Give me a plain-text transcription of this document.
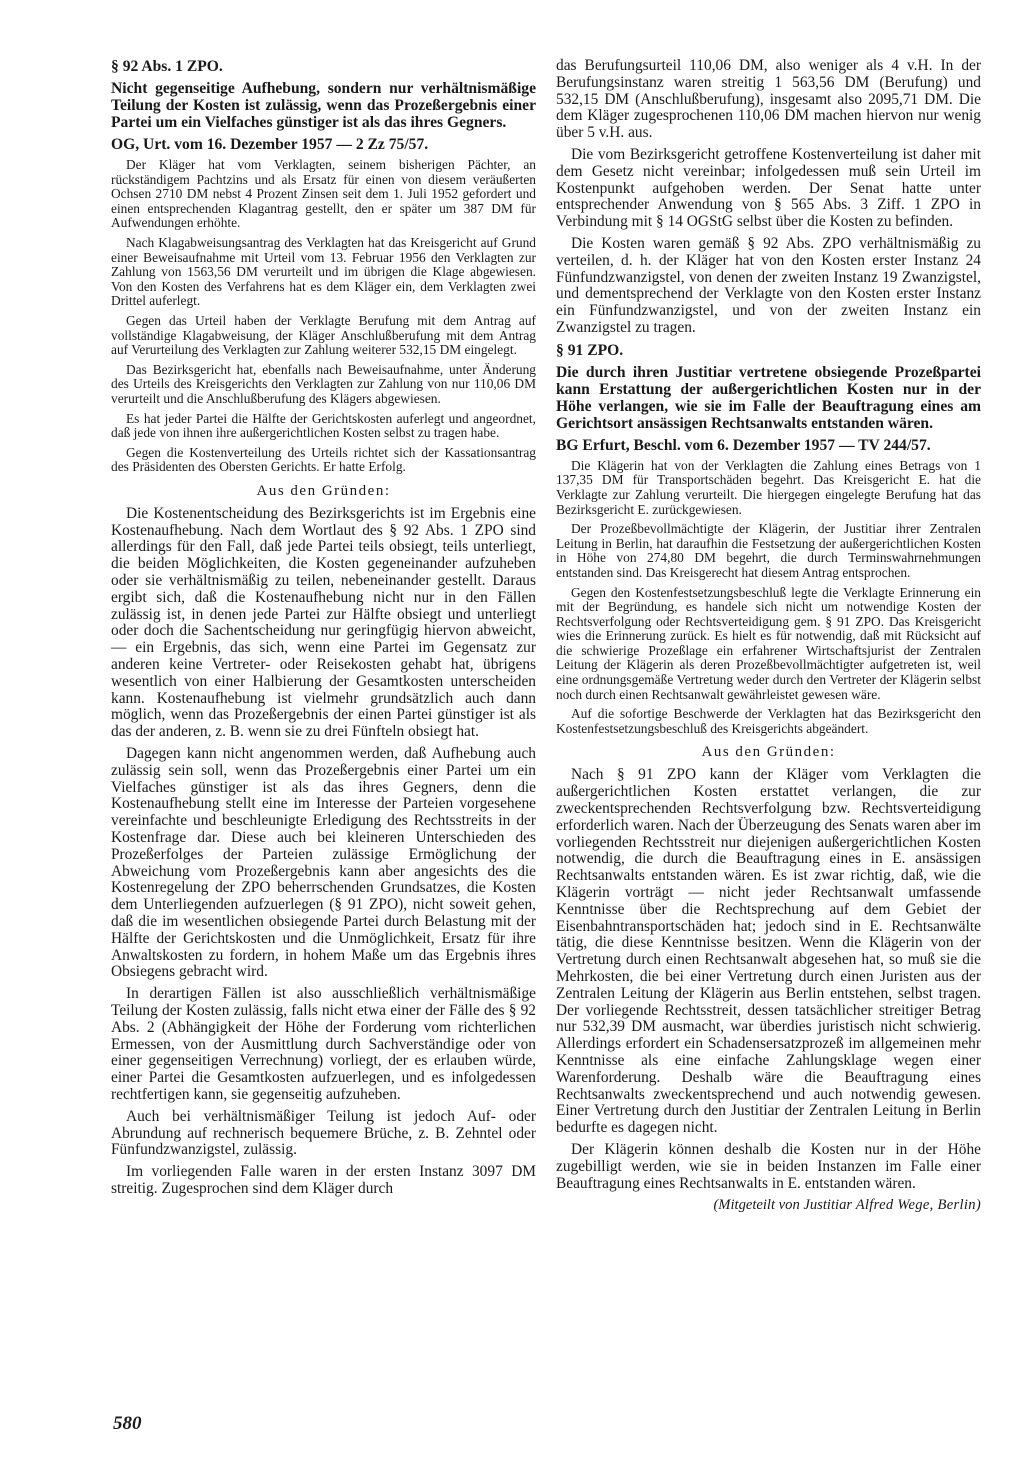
§ 92 Abs. 1 ZPO.

Nicht gegenseitige Aufhebung, sondern nur verhältnismäßige Teilung der Kosten ist zulässig, wenn das Prozeßergebnis einer Partei um ein Vielfaches günstiger ist als das ihres Gegners.

OG, Urt. vom 16. Dezember 1957 — 2 Zz 75/57.

Der Kläger hat vom Verklagten, seinem bisherigen Pächter, an rückständigem Pachtzins und als Ersatz für einen von diesem veräußerten Ochsen 2710 DM nebst 4 Prozent Zinsen seit dem 1. Juli 1952 gefordert und einen entsprechenden Klagantrag gestellt, den er später um 387 DM für Aufwendungen erhöhte.

Nach Klagabweisungsantrag des Verklagten hat das Kreisgericht auf Grund einer Beweisaufnahme mit Urteil vom 13. Februar 1956 den Verklagten zur Zahlung von 1563,56 DM verurteilt und im übrigen die Klage abgewiesen. Von den Kosten des Verfahrens hat es dem Kläger ein, dem Verklagten zwei Drittel auferlegt.

Gegen das Urteil haben der Verklagte Berufung mit dem Antrag auf vollständige Klagabweisung, der Kläger Anschlußberufung mit dem Antrag auf Verurteilung des Verklagten zur Zahlung weiterer 532,15 DM eingelegt.

Das Bezirksgericht hat, ebenfalls nach Beweisaufnahme, unter Änderung des Urteils des Kreisgerichts den Verklagten zur Zahlung von nur 110,06 DM verurteilt und die Anschlußberufung des Klägers abgewiesen.

Es hat jeder Partei die Hälfte der Gerichtskosten auferlegt und angeordnet, daß jede von ihnen ihre außergerichtlichen Kosten selbst zu tragen habe.

Gegen die Kostenverteilung des Urteils richtet sich der Kassationsantrag des Präsidenten des Obersten Gerichts. Er hatte Erfolg.

Aus den Gründen:

Die Kostenentscheidung des Bezirksgerichts ist im Ergebnis eine Kostenaufhebung. Nach dem Wortlaut des § 92 Abs. 1 ZPO sind allerdings für den Fall, daß jede Partei teils obsiegt, teils unterliegt, die beiden Möglichkeiten, die Kosten gegeneinander aufzuheben oder sie verhältnismäßig zu teilen, nebeneinander gestellt. Daraus ergibt sich, daß die Kostenaufhebung nicht nur in den Fällen zulässig ist, in denen jede Partei zur Hälfte obsiegt und unterliegt oder doch die Sachentscheidung nur geringfügig hiervon abweicht, — ein Ergebnis, das sich, wenn eine Partei im Gegensatz zur anderen keine Vertreter- oder Reisekosten gehabt hat, übrigens wesentlich von einer Halbierung der Gesamtkosten unterscheiden kann. Kostenaufhebung ist vielmehr grundsätzlich auch dann möglich, wenn das Prozeßergebnis der einen Partei günstiger ist als das der anderen, z. B. wenn sie zu drei Fünfteln obsiegt hat.

Dagegen kann nicht angenommen werden, daß Aufhebung auch zulässig sein soll, wenn das Prozeßergebnis einer Partei um ein Vielfaches günstiger ist als das ihres Gegners, denn die Kostenaufhebung stellt eine im Interesse der Parteien vorgesehene vereinfachte und beschleunigte Erledigung des Rechtsstreits in der Kostenfrage dar. Diese auch bei kleineren Unterschieden des Prozeßerfolges der Parteien zulässige Ermöglichung der Abweichung vom Prozeßergebnis kann aber angesichts des die Kostenregelung der ZPO beherrschenden Grundsatzes, die Kosten dem Unterliegenden aufzuerlegen (§ 91 ZPO), nicht soweit gehen, daß die im wesentlichen obsiegende Partei durch Belastung mit der Hälfte der Gerichtskosten und die Unmöglichkeit, Ersatz für ihre Anwaltskosten zu fordern, in hohem Maße um das Ergebnis ihres Obsiegens gebracht wird.

In derartigen Fällen ist also ausschließlich verhältnismäßige Teilung der Kosten zulässig, falls nicht etwa einer der Fälle des § 92 Abs. 2 (Abhängigkeit der Höhe der Forderung vom richterlichen Ermessen, von der Ausmittlung durch Sachverständige oder von einer gegenseitigen Verrechnung) vorliegt, der es erlauben würde, einer Partei die Gesamtkosten aufzuerlegen, und es infolgedessen rechtfertigen kann, sie gegenseitig aufzuheben.

Auch bei verhältnismäßiger Teilung ist jedoch Auf- oder Abrundung auf rechnerisch bequemere Brüche, z. B. Zehntel oder Fünfundzwanzigstel, zulässig.

Im vorliegenden Falle waren in der ersten Instanz 3097 DM streitig. Zugesprochen sind dem Kläger durch

das Berufungsurteil 110,06 DM, also weniger als 4 v.H. In der Berufungsinstanz waren streitig 1 563,56 DM (Berufung) und 532,15 DM (Anschlußberufung), insgesamt also 2095,71 DM. Die dem Kläger zugesprochenen 110,06 DM machen hiervon nur wenig über 5 v.H. aus.

Die vom Bezirksgericht getroffene Kostenverteilung ist daher mit dem Gesetz nicht vereinbar; infolgedessen muß sein Urteil im Kostenpunkt aufgehoben werden. Der Senat hatte unter entsprechender Anwendung von § 565 Abs. 3 Ziff. 1 ZPO in Verbindung mit § 14 OGStG selbst über die Kosten zu befinden.

Die Kosten waren gemäß § 92 Abs. ZPO verhältnismäßig zu verteilen, d. h. der Kläger hat von den Kosten erster Instanz 24 Fünfundzwanzigstel, von denen der zweiten Instanz 19 Zwanzigstel, und dementsprechend der Verklagte von den Kosten erster Instanz ein Fünfundzwanzigstel, und von der zweiten Instanz ein Zwanzigstel zu tragen.

§ 91 ZPO.

Die durch ihren Justitiar vertretene obsiegende Prozeßpartei kann Erstattung der außergerichtlichen Kosten nur in der Höhe verlangen, wie sie im Falle der Beauftragung eines am Gerichtsort ansässigen Rechtsanwalts entstanden wären.

BG Erfurt, Beschl. vom 6. Dezember 1957 — TV 244/57.

Die Klägerin hat von der Verklagten die Zahlung eines Betrags von 1 137,35 DM für Transportschäden begehrt. Das Kreisgericht E. hat die Verklagte zur Zahlung verurteilt. Die hiergegen eingelegte Berufung hat das Bezirksgericht E. zurückgewiesen.

Der Prozeßbevollmächtigte der Klägerin, der Justitiar ihrer Zentralen Leitung in Berlin, hat daraufhin die Festsetzung der außergerichtlichen Kosten in Höhe von 274,80 DM begehrt, die durch Terminswahrnehmungen entstanden sind. Das Kreisgerecht hat diesem Antrag entsprochen.

Gegen den Kostenfestsetzungsbeschluß legte die Verklagte Erinnerung ein mit der Begründung, es handele sich nicht um notwendige Kosten der Rechtsverfolgung oder Rechtsverteidigung gem. § 91 ZPO. Das Kreisgericht wies die Erinnerung zurück. Es hielt es für notwendig, daß mit Rücksicht auf die schwierige Prozeßlage ein erfahrener Wirtschaftsjurist der Zentralen Leitung der Klägerin als deren Prozeßbevollmächtigter aufgetreten ist, weil eine ordnungsgemäße Vertretung weder durch den Vertreter der Klägerin selbst noch durch einen Rechtsanwalt gewährleistet gewesen wäre.

Auf die sofortige Beschwerde der Verklagten hat das Bezirksgericht den Kostenfestsetzungsbeschluß des Kreisgerichts abgeändert.

Aus den Gründen:

Nach § 91 ZPO kann der Kläger vom Verklagten die außergerichtlichen Kosten erstattet verlangen, die zur zweckentsprechenden Rechtsverfolgung bzw. Rechtsverteidigung erforderlich waren. Nach der Überzeugung des Senats waren aber im vorliegenden Rechtsstreit nur diejenigen außergerichtlichen Kosten notwendig, die durch die Beauftragung eines in E. ansässigen Rechtsanwalts entstanden wären. Es ist zwar richtig, daß, wie die Klägerin vorträgt — nicht jeder Rechtsanwalt umfassende Kenntnisse über die Rechtsprechung auf dem Gebiet der Eisenbahntransportschäden hat; jedoch sind in E. Rechtsanwälte tätig, die diese Kenntnisse besitzen. Wenn die Klägerin von der Vertretung durch einen Rechtsanwalt abgesehen hat, so muß sie die Mehrkosten, die bei einer Vertretung durch einen Juristen aus der Zentralen Leitung der Klägerin aus Berlin entstehen, selbst tragen. Der vorliegende Rechtsstreit, dessen tatsächlicher streitiger Betrag nur 532,39 DM ausmacht, war überdies juristisch nicht schwierig. Allerdings erfordert ein Schadensersatzprozeß im allgemeinen mehr Kenntnisse als eine einfache Zahlungsklage wegen einer Warenforderung. Deshalb wäre die Beauftragung eines Rechtsanwalts zweckentsprechend und auch notwendig gewesen. Einer Vertretung durch den Justitiar der Zentralen Leitung in Berlin bedurfte es dagegen nicht.

Der Klägerin können deshalb die Kosten nur in der Höhe zugebilligt werden, wie sie in beiden Instanzen im Falle einer Beauftragung eines Rechtsanwalts in E. entstanden wären.

(Mitgeteilt von Justitiar Alfred Wege, Berlin)

580
